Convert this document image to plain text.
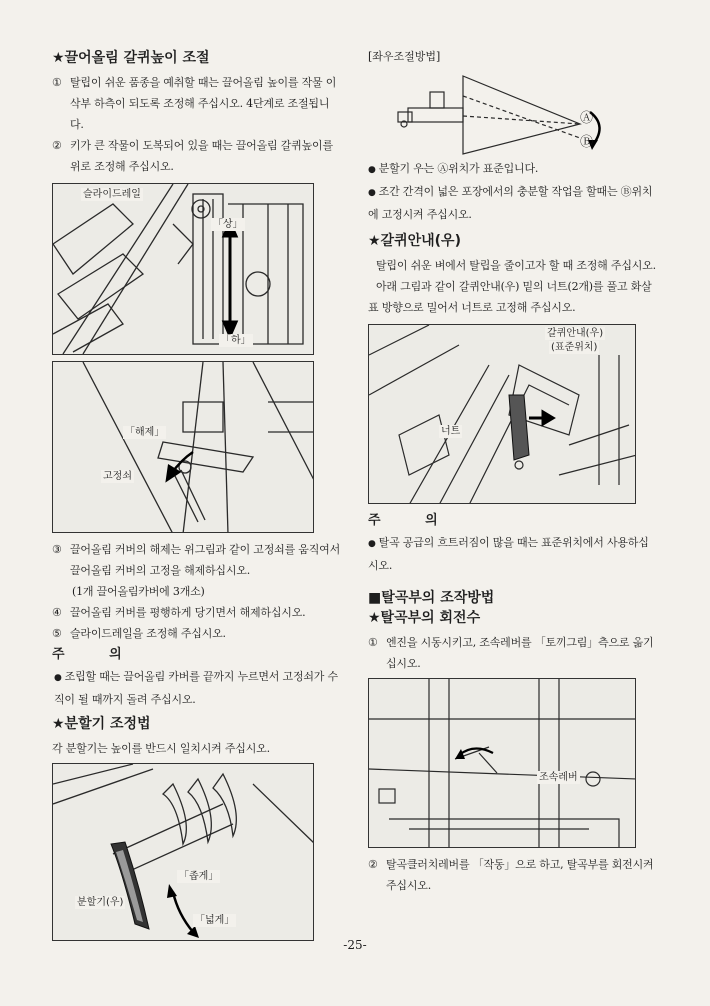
★끌어올림 갈퀴높이 조절
① 탈립이 쉬운 품종을 예취할 때는 끌어올림 높이를 작물 이삭부 하측이 되도록 조정해 주십시오. 4단계로 조절됩니다.
② 키가 큰 작물이 도복되어 있을 때는 끌어올림 갈퀴높이를 위로 조정해 주십시오.
슬라이드레일
「상」
「하」
「해제」
고정쇠
③ 끌어올림 커버의 해제는 위그림과 같이 고정쇠를 움직여서 끌어올림 커버의 고정을 해제하십시오.
(1개 끌어올림카버에 3개소)
④ 끌어올림 커버를 평행하게 당기면서 해제하십시오.
⑤ 슬라이드레일을 조정해 주십시오.
주 의
● 조립할 때는 끌어올림 카버를 끝까지 누르면서 고정쇠가 수직이 될 때까지 돌려 주십시오.
★분할기 조정법
각 분할기는 높이를 반드시 일치시켜 주십시오.
「좁게」
「넓게」
분할기(우)
[좌우조절방법]
Ⓐ
Ⓑ
● 분할기 우는 Ⓐ위치가 표준입니다.
● 조간 간격이 넓은 포장에서의 충분할 작업을 할때는 Ⓑ위치에 고정시켜 주십시오.
★갈퀴안내(우)
탈립이 쉬운 벼에서 탈립을 줄이고자 할 때 조정해 주십시오.
아래 그림과 같이 갈퀴안내(우) 밑의 너트(2개)를 풀고 화살표 방향으로 밀어서 너트로 고정해 주십시오.
갈퀴안내(우)
(표준위치)
너트
주 의
● 탈곡 공급의 흐트러짐이 많을 때는 표준위치에서 사용하십시오.
■탈곡부의 조작방법
★탈곡부의 회전수
① 엔진을 시동시키고, 조속레버를 「토끼그림」측으로 옮기십시오.
조속레버
② 탈곡클러치레버를 「작동」으로 하고, 탈곡부를 회전시켜 주십시오.
-25-
